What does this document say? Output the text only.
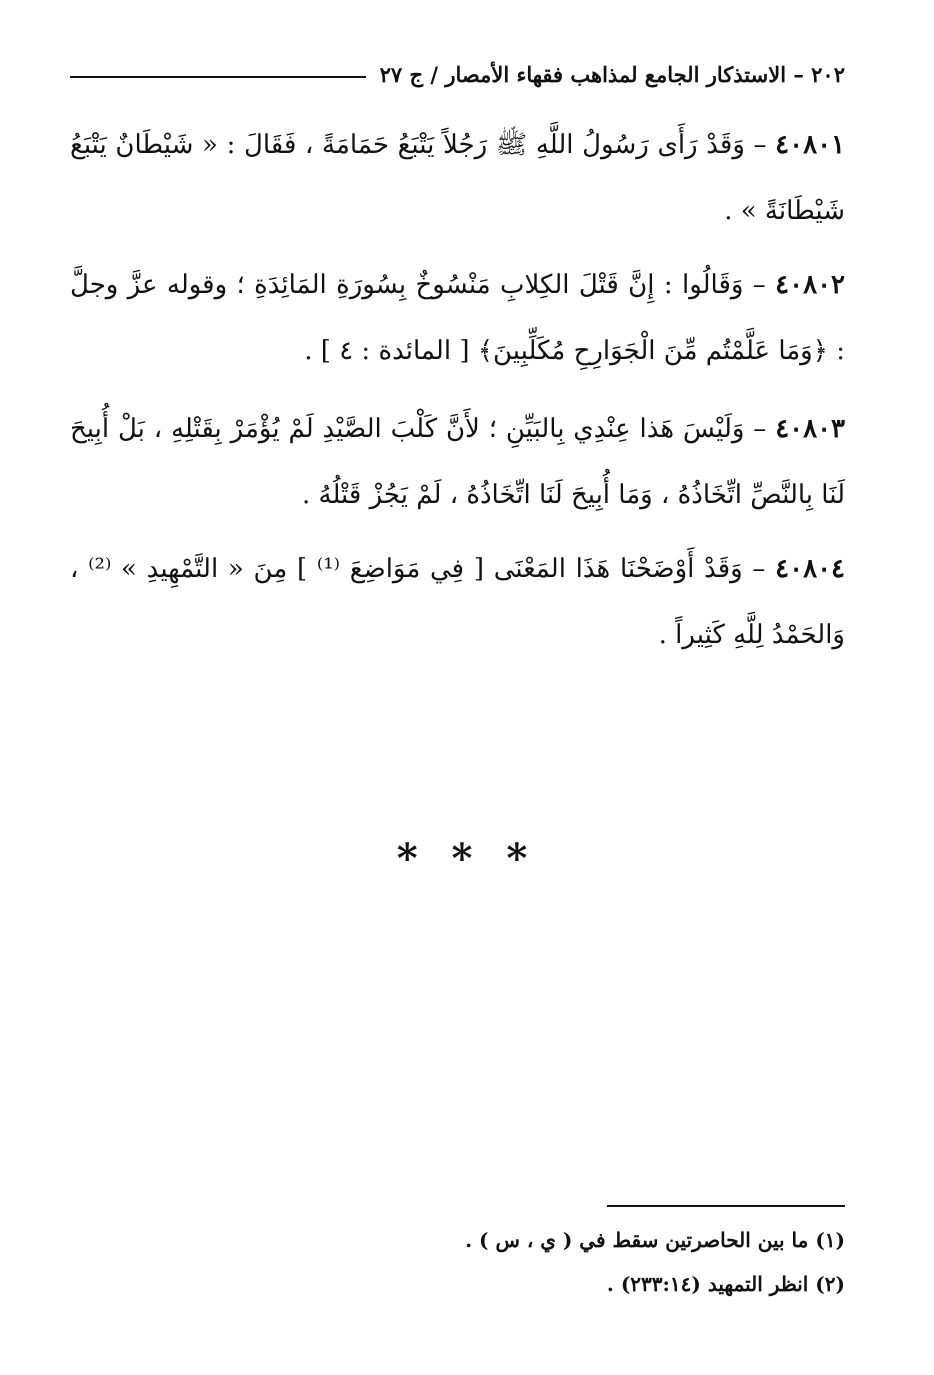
٢٠٢ – الاستذكار الجامع لمذاهب فقهاء الأمصار / ج ٢٧
٤٠٨٠١ – وَقَدْ رَأَى رَسُولُ اللَّهِ ﷺ رَجُلاً يَتْبَعُ حَمَامَةً ، فَقَالَ : « شَيْطَانٌ يَتْبَعُ شَيْطَانَةً » .
٤٠٨٠٢ – وَقَالُوا : إِنَّ قَتْلَ الكِلابِ مَنْسُوخٌ بِسُورَةِ المَائِدَةِ ؛ وقوله عزَّ وجلَّ : ﴿وَمَا عَلَّمْتُم مِّنَ الْجَوَارِحِ مُكَلِّبِينَ﴾ [ المائدة : ٤ ] .
٤٠٨٠٣ – وَلَيْسَ هَذا عِنْدِي بِالبَيِّنِ ؛ لأَنَّ كَلْبَ الصَّيْدِ لَمْ يُؤْمَرْ بِقَتْلِهِ ، بَلْ أُبِيحَ لَنَا بِالنَّصِّ اتِّخَاذُهُ ، وَمَا أُبِيحَ لَنَا اتِّخَاذُهُ ، لَمْ يَجُزْ قَتْلُهُ .
٤٠٨٠٤ – وَقَدْ أَوْضَحْنَا هَذَا المَعْنَى [ فِي مَوَاضِعَ ⁽¹⁾ ] مِنَ « التَّمْهِيدِ » ⁽²⁾ ، وَالحَمْدُ لِلَّهِ كَثِيراً .
* * *
(١) ما بين الحاصرتين سقط في ( ي ، س ) .
(٢) انظر التمهيد (٢٣٣:١٤) .
